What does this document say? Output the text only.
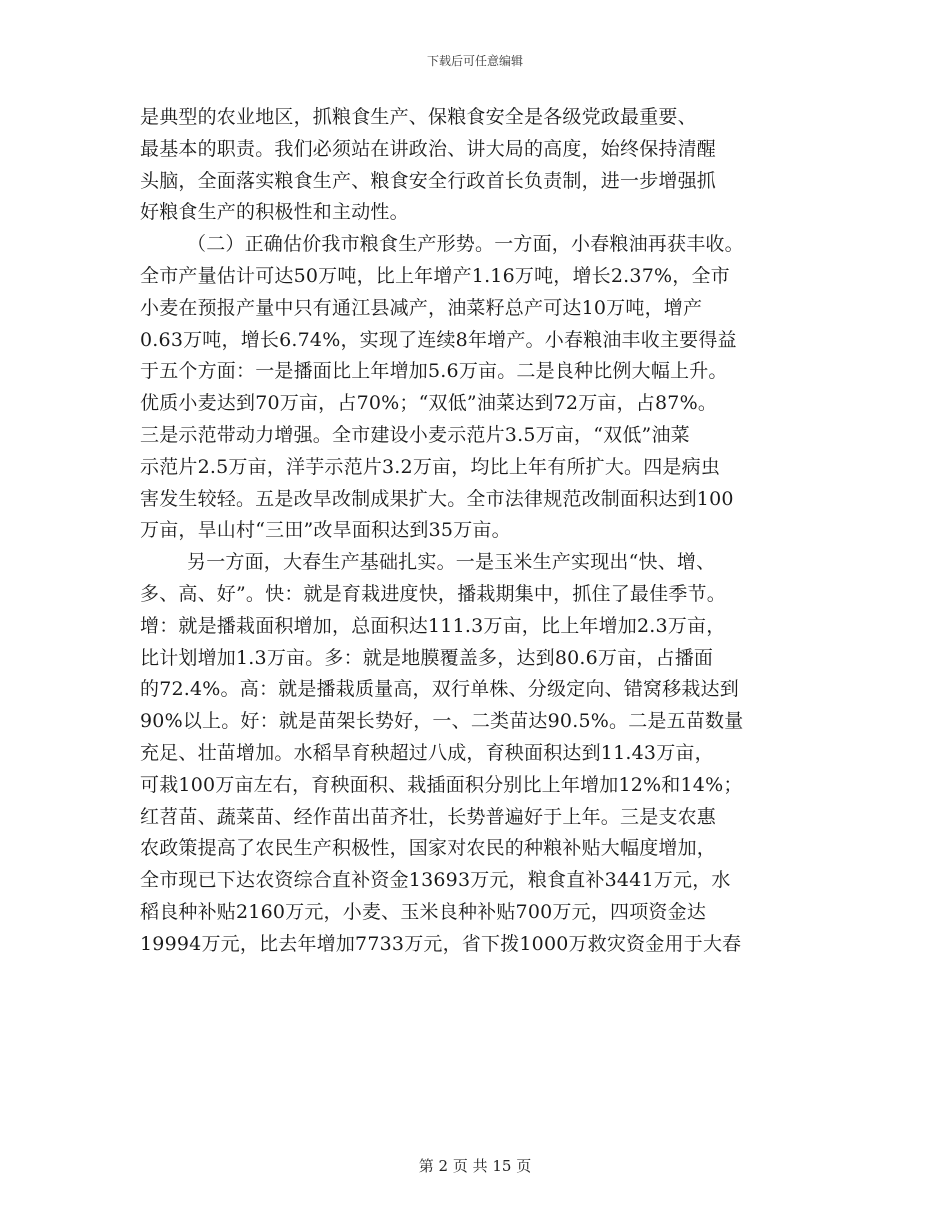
下载后可任意编辑
是典型的农业地区，抓粮食生产、保粮食安全是各级党政最重要、
最基本的职责。我们必须站在讲政治、讲大局的高度，始终保持清醒
头脑，全面落实粮食生产、粮食安全行政首长负责制，进一步增强抓
好粮食生产的积极性和主动性。
（二）正确估价我市粮食生产形势。一方面，小春粮油再获丰收。
全市产量估计可达50万吨，比上年增产1.16万吨，增长2.37%，全市
小麦在预报产量中只有通江县减产，油菜籽总产可达10万吨，增产
0.63万吨，增长6.74%，实现了连续8年增产。小春粮油丰收主要得益
于五个方面：一是播面比上年增加5.6万亩。二是良种比例大幅上升。
优质小麦达到70万亩，占70%；“双低”油菜达到72万亩，占87%。
三是示范带动力增强。全市建设小麦示范片3.5万亩，“双低”油菜
示范片2.5万亩，洋芋示范片3.2万亩，均比上年有所扩大。四是病虫
害发生较轻。五是改旱改制成果扩大。全市法律规范改制面积达到100
万亩，旱山村“三田”改旱面积达到35万亩。
另一方面，大春生产基础扎实。一是玉米生产实现出“快、增、
多、高、好”。快：就是育栽进度快，播栽期集中，抓住了最佳季节。
增：就是播栽面积增加，总面积达111.3万亩，比上年增加2.3万亩，
比计划增加1.3万亩。多：就是地膜覆盖多，达到80.6万亩，占播面
的72.4%。高：就是播栽质量高，双行单株、分级定向、错窝移栽达到
90%以上。好：就是苗架长势好，一、二类苗达90.5%。二是五苗数量
充足、壮苗增加。水稻旱育秧超过八成，育秧面积达到11.43万亩，
可栽100万亩左右，育秧面积、栽插面积分别比上年增加12%和14%；
红苕苗、蔬菜苗、经作苗出苗齐壮，长势普遍好于上年。三是支农惠
农政策提高了农民生产积极性，国家对农民的种粮补贴大幅度增加，
全市现已下达农资综合直补资金13693万元，粮食直补3441万元，水
稻良种补贴2160万元，小麦、玉米良种补贴700万元，四项资金达
19994万元，比去年增加7733万元，省下拨1000万救灾资金用于大春
第 2 页 共 15 页
